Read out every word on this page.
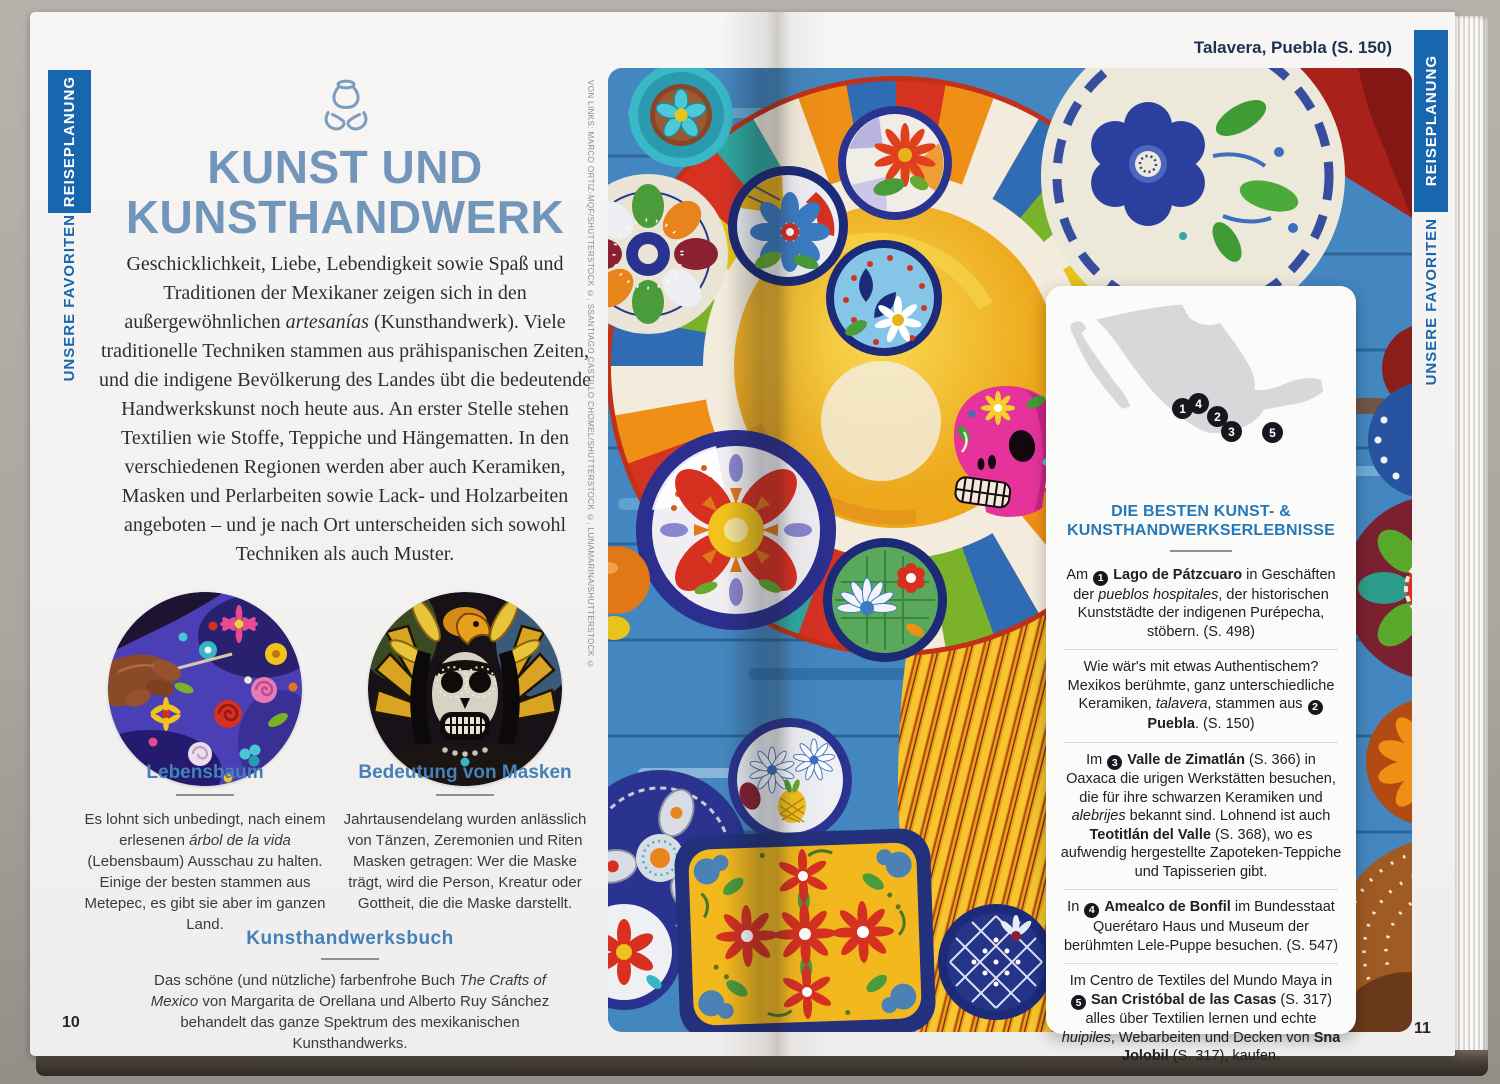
REISEPLANUNG
UNSERE FAVORITEN
KUNST UND
KUNSTHANDWERK
Geschicklichkeit, Liebe, Lebendigkeit sowie Spaß und Traditionen der Mexikaner zeigen sich in den außergewöhnlichen artesanías (Kunsthandwerk). Viele traditionelle Techniken stammen aus prähispanischen Zeiten, und die indigene Bevölkerung des Landes übt die bedeutende Handwerkskunst noch heute aus. An erster Stelle stehen Textilien wie Stoffe, Teppiche und Hängematten. In den verschiedenen Regionen werden aber auch Keramiken, Masken und Perlarbeiten sowie Lack- und Holzarbeiten angeboten – und je nach Ort unterscheiden sich sowohl Techniken als auch Muster.
Lebensbaum	Bedeutung von Masken
Es lohnt sich unbedingt, nach einem erlesenen árbol de la vida (Lebensbaum) Ausschau zu halten. Einige der besten stammen aus Metepec, es gibt sie aber im ganzen Land.
Jahrtausendelang wurden anlässlich von Tänzen, Zeremonien und Riten Masken getragen: Wer die Maske trägt, wird die Person, Kreatur oder Gottheit, die die Maske darstellt.
Kunsthandwerksbuch
Das schöne (und nützliche) farbenfrohe Buch The Crafts of Mexico von Margarita de Orellana und Alberto Ruy Sánchez behandelt das ganze Spektrum des mexikanischen Kunsthandwerks.
10
Talavera, Puebla (S. 150)
VON LINKS: MARCO ORTIZ-MQF/SHUTTERSTOCK ©, SSANTIAGO CASTILLO CHOMEL/SHUTTERSTOCK ©, LUNAMARINA/SHUTTERSTOCK ©	REISEPLANUNG
UNSERE FAVORITEN
1 4
2
3	5
DIE BESTEN KUNST- & KUNSTHANDWERKSERLEBNISSE
Am 1 Lago de Pátzcuaro in Geschäften der pueblos hospitales, der historischen Kunststädte der indigenen Purépecha, stöbern. (S. 498)
Wie wär's mit etwas Authentischem? Mexikos berühmte, ganz unterschiedliche Keramiken, talavera, stammen aus 2 Puebla. (S. 150)
Im 3 Valle de Zimatlán (S. 366) in Oaxaca die urigen Werkstätten besuchen, die für ihre schwarzen Keramiken und alebrijes bekannt sind. Lohnend ist auch Teotitlán del Valle (S. 368), wo es aufwendig hergestellte Zapoteken-Teppiche und Tapisserien gibt.
In 4 Amealco de Bonfil im Bundesstaat Querétaro Haus und Museum der berühmten Lele-Puppe besuchen. (S. 547)
Im Centro de Textiles del Mundo Maya in 5 San Cristóbal de las Casas (S. 317) alles über Textilien lernen und echte huipiles, Webarbeiten und Decken von Sna Jolobil (S. 317), kaufen.
11
